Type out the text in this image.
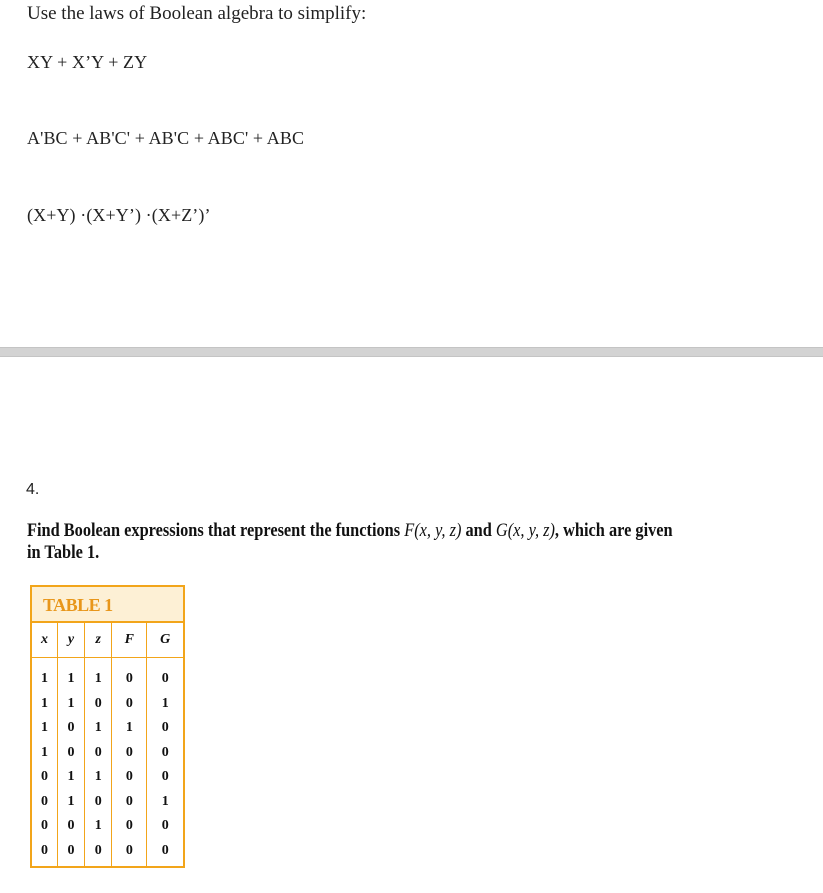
Use the laws of Boolean algebra to simplify:
XY + X’Y + ZY
A'BC + AB'C' + AB'C + ABC' + ABC
(X+Y) ·(X+Y’) ·(X+Z’)’
4.
Find Boolean expressions that represent the functions F(x, y, z) and G(x, y, z), which are given
in Table 1.
TABLE 1
x	y	z	F	G
1	1	1	0	0
1	1	0	0	1
1	0	1	1	0
1	0	0	0	0
0	1	1	0	0
0	1	0	0	1
0	0	1	0	0
0	0	0	0	0
